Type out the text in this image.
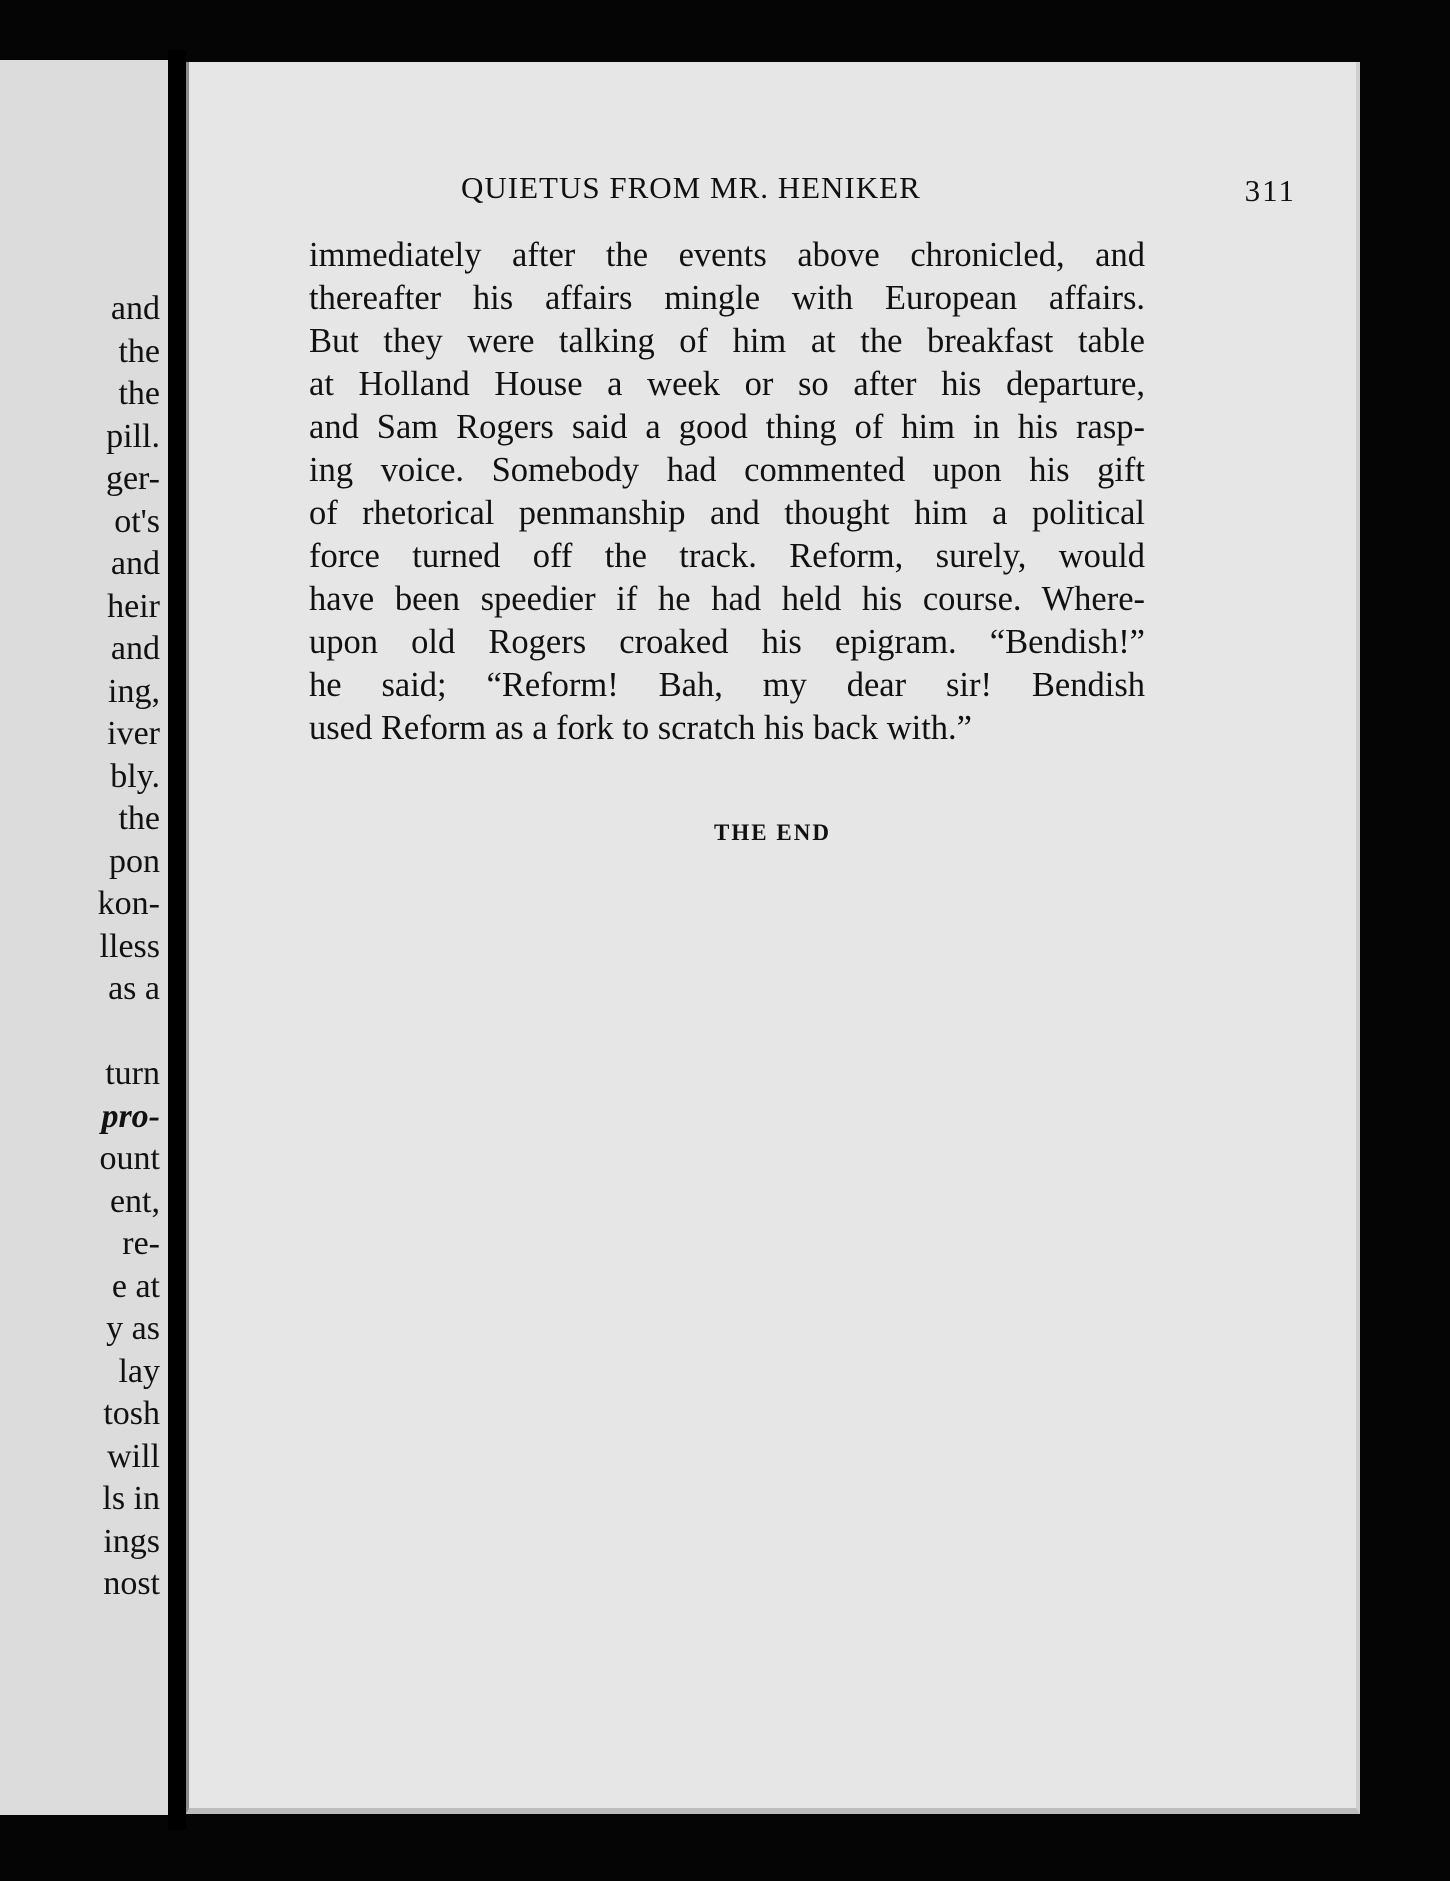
and
the
the
pill.
ger-
ot's
and
heir
and
ing,
iver
bly.
the
pon
kon-
lless
as a
turn
pro-
ount
ent,
re-
e at
y as
lay
tosh
will
ls in
ings
nost
QUIETUS FROM MR. HENIKER	311
immediately after the events above chronicled, and
thereafter his affairs mingle with European affairs.
But they were talking of him at the breakfast table
at Holland House a week or so after his departure,
and Sam Rogers said a good thing of him in his rasp-
ing voice. Somebody had commented upon his gift
of rhetorical penmanship and thought him a political
force turned off the track. Reform, surely, would
have been speedier if he had held his course. Where-
upon old Rogers croaked his epigram. “Bendish!”
he said; “Reform! Bah, my dear sir! Bendish
used Reform as a fork to scratch his back with.”
THE END
